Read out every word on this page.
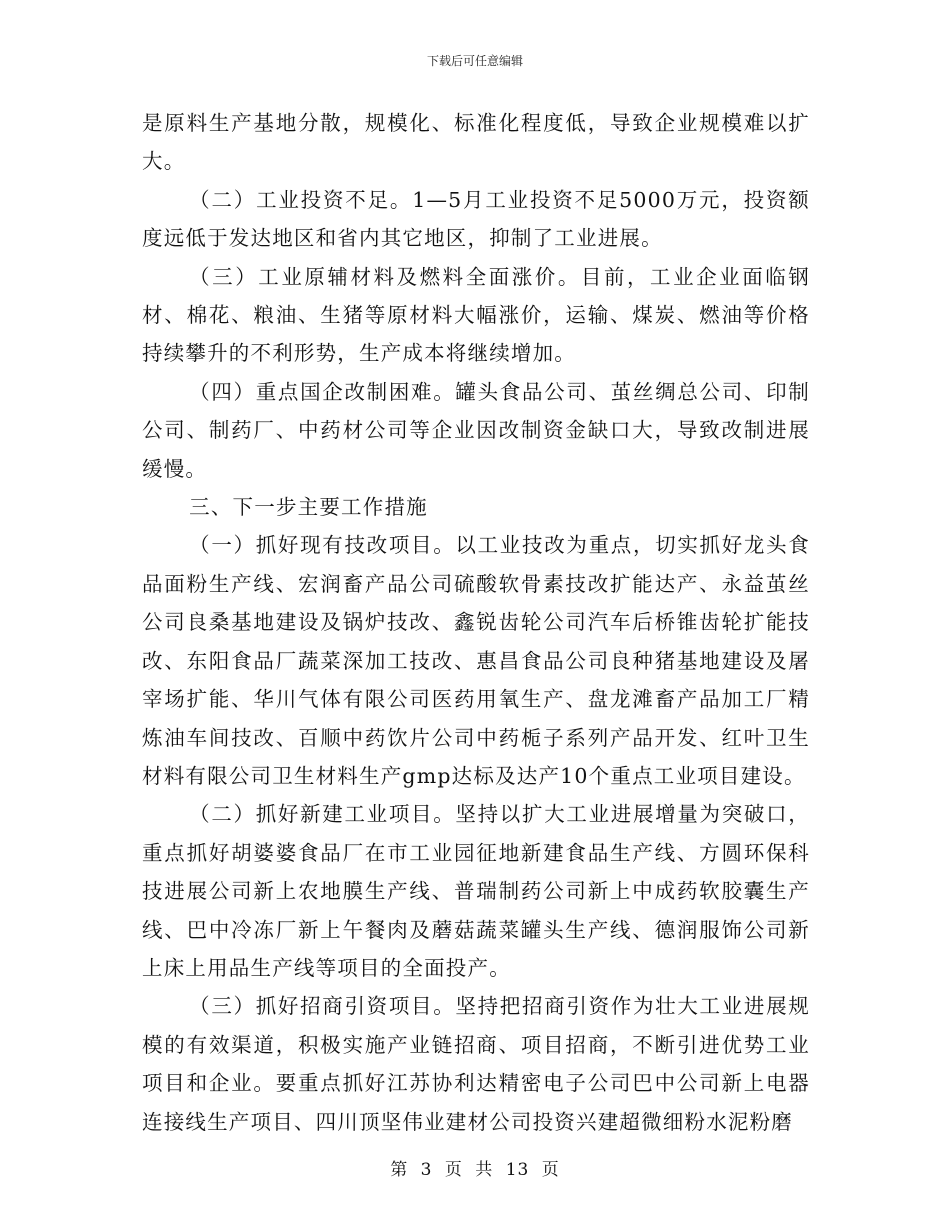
下载后可任意编辑

是原料生产基地分散，规模化、标准化程度低，导致企业规模难以扩大。

（二）工业投资不足。1—5月工业投资不足5000万元，投资额度远低于发达地区和省内其它地区，抑制了工业进展。

（三）工业原辅材料及燃料全面涨价。目前，工业企业面临钢材、棉花、粮油、生猪等原材料大幅涨价，运输、煤炭、燃油等价格持续攀升的不利形势，生产成本将继续增加。

（四）重点国企改制困难。罐头食品公司、茧丝绸总公司、印制公司、制药厂、中药材公司等企业因改制资金缺口大，导致改制进展缓慢。

三、下一步主要工作措施

（一）抓好现有技改项目。以工业技改为重点，切实抓好龙头食品面粉生产线、宏润畜产品公司硫酸软骨素技改扩能达产、永益茧丝公司良桑基地建设及锅炉技改、鑫锐齿轮公司汽车后桥锥齿轮扩能技改、东阳食品厂蔬菜深加工技改、惠昌食品公司良种猪基地建设及屠宰场扩能、华川气体有限公司医药用氧生产、盘龙滩畜产品加工厂精炼油车间技改、百顺中药饮片公司中药栀子系列产品开发、红叶卫生材料有限公司卫生材料生产gmp达标及达产10个重点工业项目建设。

（二）抓好新建工业项目。坚持以扩大工业进展增量为突破口，重点抓好胡婆婆食品厂在市工业园征地新建食品生产线、方圆环保科技进展公司新上农地膜生产线、普瑞制药公司新上中成药软胶囊生产线、巴中冷冻厂新上午餐肉及蘑菇蔬菜罐头生产线、德润服饰公司新上床上用品生产线等项目的全面投产。

（三）抓好招商引资项目。坚持把招商引资作为壮大工业进展规模的有效渠道，积极实施产业链招商、项目招商，不断引进优势工业项目和企业。要重点抓好江苏协利达精密电子公司巴中公司新上电器连接线生产项目、四川顶坚伟业建材公司投资兴建超微细粉水泥粉磨

第 3 页 共 13 页
